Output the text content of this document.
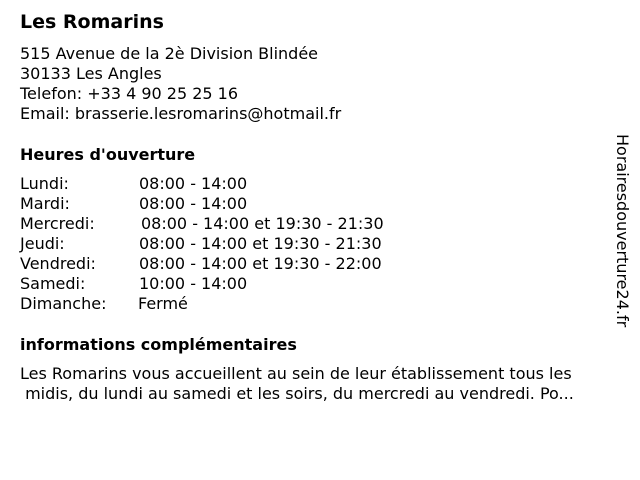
Les Romarins
515 Avenue de la 2è Division Blindée
30133 Les Angles
Telefon: +33 4 90 25 25 16
Email: brasserie.lesromarins@hotmail.fr
Heures d'ouverture
Lundi:	08:00 - 14:00
Mardi:	08:00 - 14:00
Mercredi:	08:00 - 14:00 et 19:30 - 21:30
Jeudi:	08:00 - 14:00 et 19:30 - 21:30
Vendredi:	08:00 - 14:00 et 19:30 - 22:00
Samedi:	10:00 - 14:00
Dimanche: Fermé
informations complémentaires
Les Romarins vous accueillent au sein de leur établissement tous les
midis, du lundi au samedi et les soirs, du mercredi au vendredi. Po...
Horairesdouverture24.fr
